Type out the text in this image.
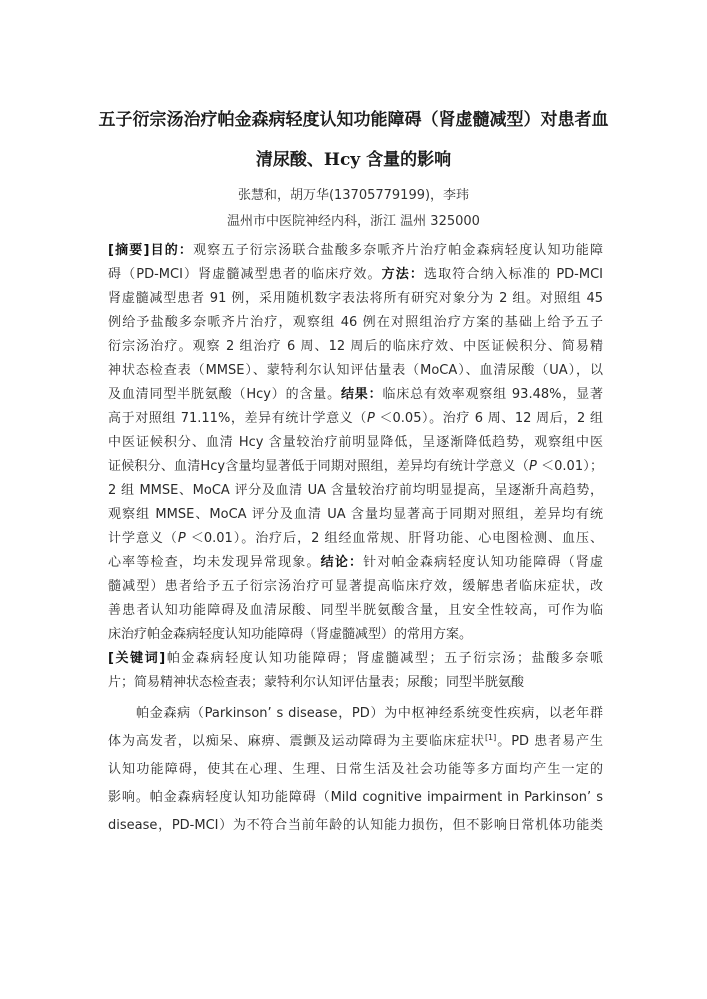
五子衍宗汤治疗帕金森病轻度认知功能障碍（肾虚髓减型）对患者血
清尿酸、Hcy 含量的影响
张慧和，胡万华(13705779199)，李玮
温州市中医院神经内科，浙江 温州 325000
[摘要]目的：观察五子衍宗汤联合盐酸多奈哌齐片治疗帕金森病轻度认知功能障
碍（PD-MCI）肾虚髓减型患者的临床疗效。方法：选取符合纳入标准的 PD-MCI
肾虚髓减型患者 91 例，采用随机数字表法将所有研究对象分为 2 组。对照组 45
例给予盐酸多奈哌齐片治疗，观察组 46 例在对照组治疗方案的基础上给予五子
衍宗汤治疗。观察 2 组治疗 6 周、12 周后的临床疗效、中医证候积分、简易精
神状态检查表（MMSE）、蒙特利尔认知评估量表（MoCA）、血清尿酸（UA），以
及血清同型半胱氨酸（Hcy）的含量。结果：临床总有效率观察组 93.48%，显著
高于对照组 71.11%，差异有统计学意义（P ＜0.05）。治疗 6 周、12 周后，2 组
中医证候积分、血清 Hcy 含量较治疗前明显降低，呈逐渐降低趋势，观察组中医
证候积分、血清Hcy含量均显著低于同期对照组，差异均有统计学意义（P ＜0.01）；
2 组 MMSE、MoCA 评分及血清 UA 含量较治疗前均明显提高，呈逐渐升高趋势，
观察组 MMSE、MoCA 评分及血清 UA 含量均显著高于同期对照组，差异均有统
计学意义（P ＜0.01）。治疗后，2 组经血常规、肝肾功能、心电图检测、血压、
心率等检查，均未发现异常现象。结论：针对帕金森病轻度认知功能障碍（肾虚
髓减型）患者给予五子衍宗汤治疗可显著提高临床疗效，缓解患者临床症状，改
善患者认知功能障碍及血清尿酸、同型半胱氨酸含量，且安全性较高，可作为临
床治疗帕金森病轻度认知功能障碍（肾虚髓减型）的常用方案。
[关键词]帕金森病轻度认知功能障碍；肾虚髓减型；五子衍宗汤；盐酸多奈哌
片；简易精神状态检查表；蒙特利尔认知评估量表；尿酸；同型半胱氨酸
帕金森病（Parkinson’ s disease，PD）为中枢神经系统变性疾病，以老年群
体为高发者，以痴呆、麻痹、震颤及运动障碍为主要临床症状[1]。PD 患者易产生
认知功能障碍，使其在心理、生理、日常生活及社会功能等多方面均产生一定的
影响。帕金森病轻度认知功能障碍（Mild cognitive impairment in Parkinson’ s
disease，PD-MCI）为不符合当前年龄的认知能力损伤，但不影响日常机体功能类
